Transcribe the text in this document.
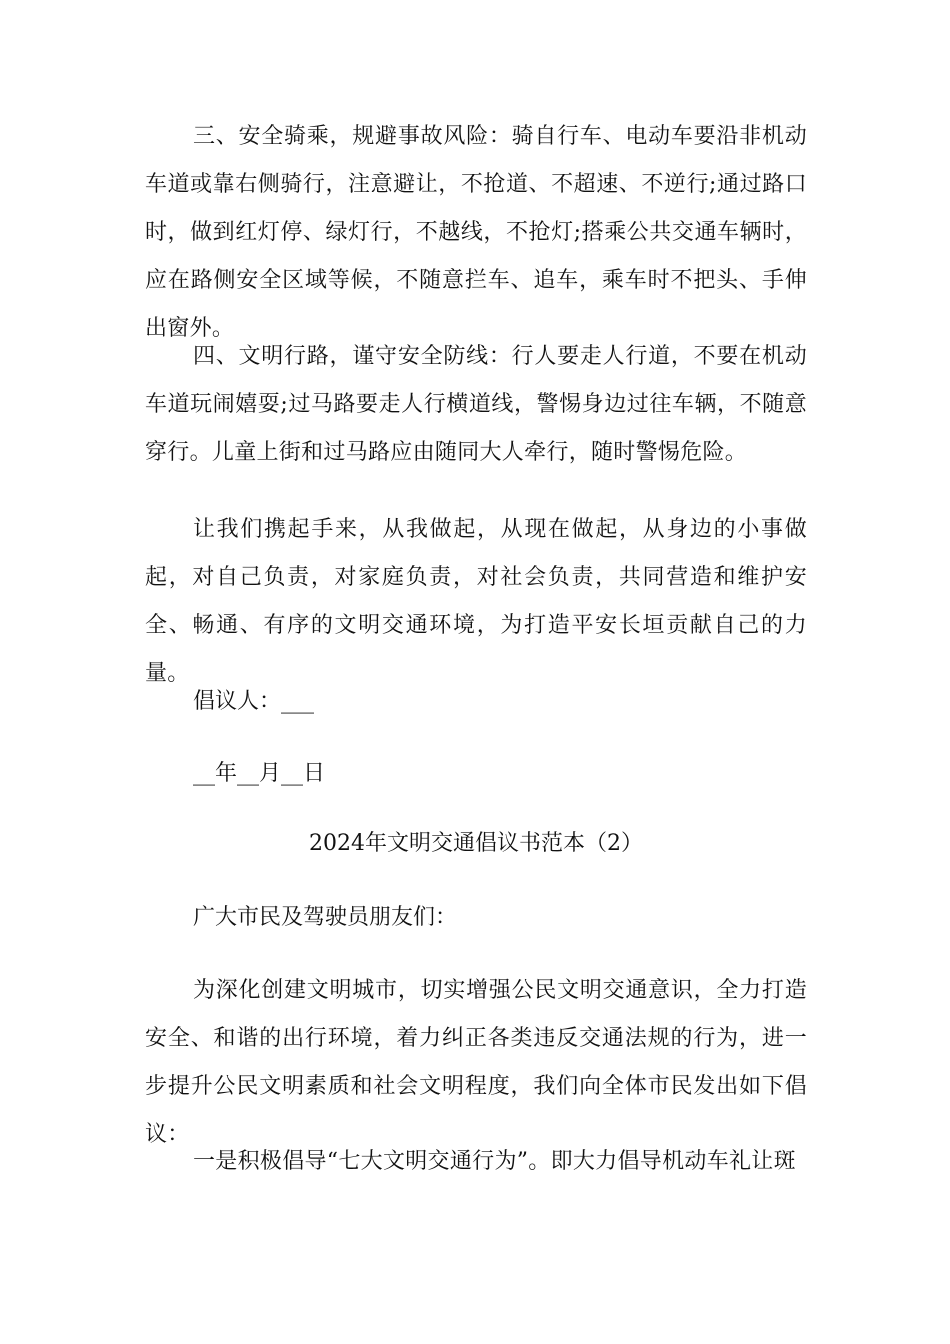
三、安全骑乘，规避事故风险：骑自行车、电动车要沿非机动车道或靠右侧骑行，注意避让，不抢道、不超速、不逆行;通过路口时，做到红灯停、绿灯行，不越线，不抢灯;搭乘公共交通车辆时，应在路侧安全区域等候，不随意拦车、追车，乘车时不把头、手伸出窗外。

四、文明行路，谨守安全防线：行人要走人行道，不要在机动车道玩闹嬉耍;过马路要走人行横道线，警惕身边过往车辆，不随意穿行。儿童上街和过马路应由随同大人牵行，随时警惕危险。

让我们携起手来，从我做起，从现在做起，从身边的小事做起，对自己负责，对家庭负责，对社会负责，共同营造和维护安全、畅通、有序的文明交通环境，为打造平安长垣贡献自己的力量。

倡议人：___

__年__月__日

2024年文明交通倡议书范本（2）

广大市民及驾驶员朋友们：

为深化创建文明城市，切实增强公民文明交通意识，全力打造安全、和谐的出行环境，着力纠正各类违反交通法规的行为，进一步提升公民文明素质和社会文明程度，我们向全体市民发出如下倡议：

一是积极倡导“七大文明交通行为”。即大力倡导机动车礼让斑
